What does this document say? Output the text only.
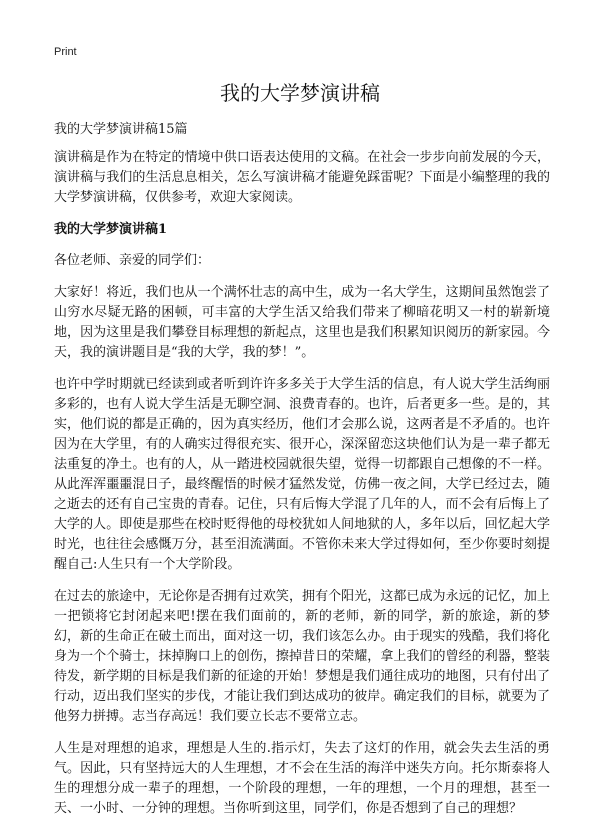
Print
我的大学梦演讲稿
我的大学梦演讲稿15篇

演讲稿是作为在特定的情境中供口语表达使用的文稿。在社会一步步向前发展的今天，演讲稿与我们的生活息息相关，怎么写演讲稿才能避免踩雷呢？下面是小编整理的我的大学梦演讲稿，仅供参考，欢迎大家阅读。

我的大学梦演讲稿1

各位老师、亲爱的同学们：

大家好！将近，我们也从一个满怀壮志的高中生，成为一名大学生，这期间虽然饱尝了山穷水尽疑无路的困顿，可丰富的大学生活又给我们带来了柳暗花明又一村的崭新境地，因为这里是我们攀登目标理想的新起点，这里也是我们积累知识阅历的新家园。今天，我的演讲题目是“我的大学，我的梦！”。

也许中学时期就已经读到或者听到许许多多关于大学生活的信息，有人说大学生活绚丽多彩的，也有人说大学生活是无聊空洞、浪费青春的。也许，后者更多一些。是的，其实，他们说的都是正确的，因为真实经历，他们才会那么说，这两者是不矛盾的。也许因为在大学里，有的人确实过得很充实、很开心，深深留恋这块他们认为是一辈子都无法重复的净土。也有的人，从一踏进校园就很失望，觉得一切都跟自己想像的不一样。从此浑浑噩噩混日子，最终醒悟的时候才猛然发觉，仿佛一夜之间，大学已经过去，随之逝去的还有自己宝贵的青春。记住，只有后悔大学混了几年的人，而不会有后悔上了大学的人。即使是那些在校时贬得他的母校犹如人间地狱的人，多年以后，回忆起大学时光，也往往会感慨万分，甚至泪流满面。不管你未来大学过得如何，至少你要时刻提醒自己:人生只有一个大学阶段。

在过去的旅途中，无论你是否拥有过欢笑，拥有个阳光，这都已成为永远的记忆，加上一把锁将它封闭起来吧!摆在我们面前的，新的老师，新的同学，新的旅途，新的梦幻，新的生命正在破土而出，面对这一切，我们该怎么办。由于现实的残酷，我们将化身为一个个骑士，抹掉胸口上的创伤，擦掉昔日的荣耀，拿上我们的曾经的利器，整装待发，新学期的目标是我们新的征途的开始！梦想是我们通往成功的地图，只有付出了行动，迈出我们坚实的步伐，才能让我们到达成功的彼岸。确定我们的目标，就要为了他努力拼搏。志当存高远！我们要立长志不要常立志。

人生是对理想的追求，理想是人生的.指示灯，失去了这灯的作用，就会失去生活的勇气。因此，只有坚持远大的人生理想，才不会在生活的海洋中迷失方向。托尔斯泰将人生的理想分成一辈子的理想，一个阶段的理想，一年的理想，一个月的理想，甚至一天、一小时、一分钟的理想。当你听到这里，同学们，你是否想到了自己的理想？
